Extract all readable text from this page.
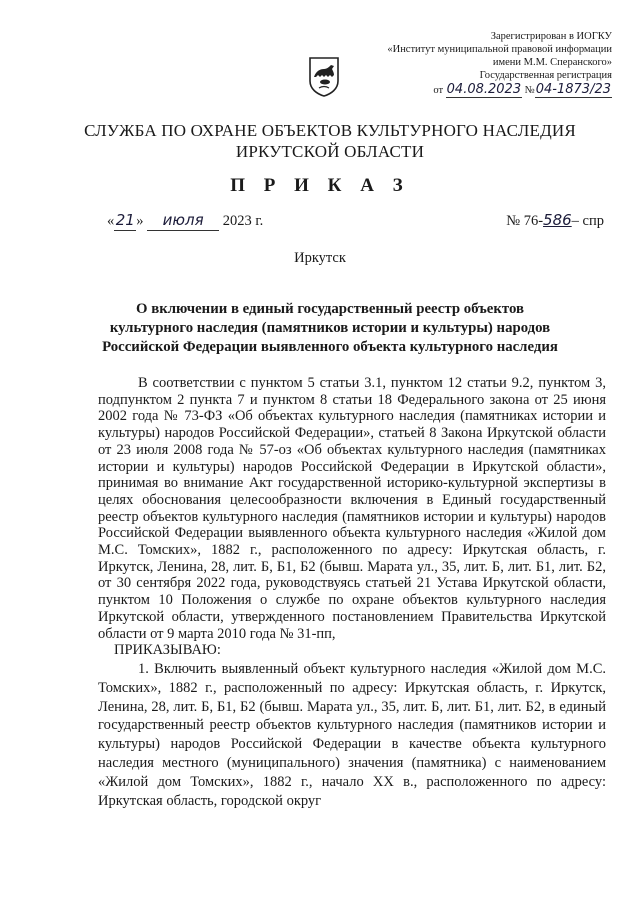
Зарегистрирован в ИОГКУ
«Институт муниципальной правовой информации
имени М.М. Сперанского»
Государственная регистрация
от 04.08.2023 №04-1873/23
СЛУЖБА ПО ОХРАНЕ ОБЪЕКТОВ КУЛЬТУРНОГО НАСЛЕДИЯ
ИРКУТСКОЙ ОБЛАСТИ
П Р И К А З
«21» июля 2023 г.	№ 76-586– спр
Иркутск
О включении в единый государственный реестр объектов культурного наследия (памятников истории и культуры) народов Российской Федерации выявленного объекта культурного наследия

В соответствии с пунктом 5 статьи 3.1, пунктом 12 статьи 9.2, пунктом 3, подпунктом 2 пункта 7 и пунктом 8 статьи 18 Федерального закона от 25 июня 2002 года № 73-ФЗ «Об объектах культурного наследия (памятниках истории и культуры) народов Российской Федерации», статьей 8 Закона Иркутской области от 23 июля 2008 года № 57-оз «Об объектах культурного наследия (памятниках истории и культуры) народов Российской Федерации в Иркутской области», принимая во внимание Акт государственной историко-культурной экспертизы в целях обоснования целесообразности включения в Единый государственный реестр объектов культурного наследия (памятников истории и культуры) народов Российской Федерации выявленного объекта культурного наследия «Жилой дом М.С. Томских», 1882 г., расположенного по адресу: Иркутская область, г. Иркутск, Ленина, 28, лит. Б, Б1, Б2 (бывш. Марата ул., 35, лит. Б, лит. Б1, лит. Б2, от 30 сентября 2022 года, руководствуясь статьей 21 Устава Иркутской области, пунктом 10 Положения о службе по охране объектов культурного наследия Иркутской области, утвержденного постановлением Правительства Иркутской области от 9 марта 2010 года № 31-пп,

ПРИКАЗЫВАЮ:

1. Включить выявленный объект культурного наследия «Жилой дом М.С. Томских», 1882 г., расположенный по адресу: Иркутская область, г. Иркутск, Ленина, 28, лит. Б, Б1, Б2 (бывш. Марата ул., 35, лит. Б, лит. Б1, лит. Б2, в единый государственный реестр объектов культурного наследия (памятников истории и культуры) народов Российской Федерации в качестве объекта культурного наследия местного (муниципального) значения (памятника) с наименованием «Жилой дом Томских», 1882 г., начало XX в., расположенного по адресу: Иркутская область, городской округ
